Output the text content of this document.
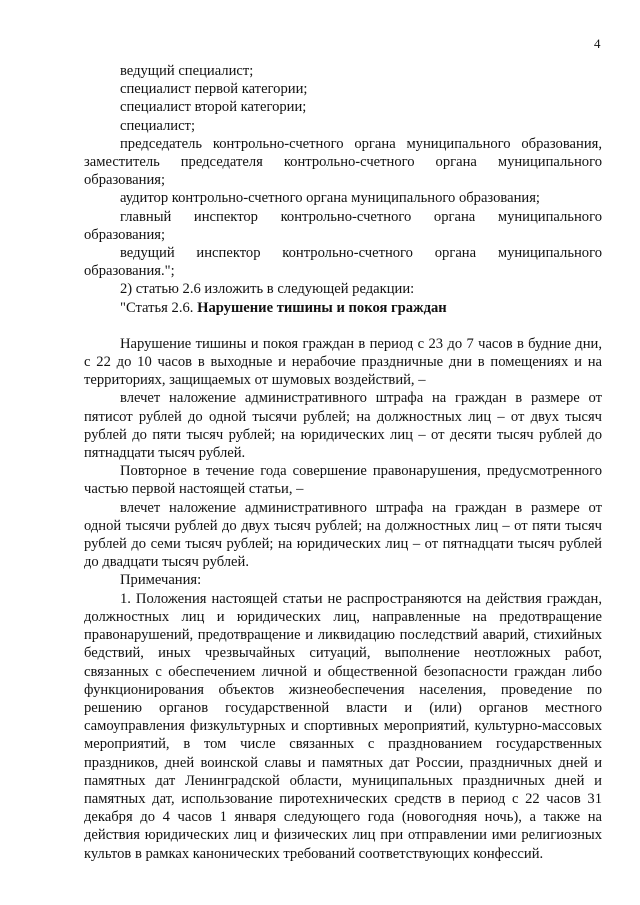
4

ведущий специалист;

специалист первой категории;

специалист второй категории;

специалист;

председатель контрольно-счетного органа муниципального образования, заместитель председателя контрольно-счетного органа муниципального образования;

аудитор контрольно-счетного органа муниципального образования;

главный инспектор контрольно-счетного органа муниципального образования;

ведущий инспектор контрольно-счетного органа муниципального образования.";

2) статью 2.6 изложить в следующей редакции:

"Статья 2.6. Нарушение тишины и покоя граждан

Нарушение тишины и покоя граждан в период с 23 до 7 часов в будние дни, с 22 до 10 часов в выходные и нерабочие праздничные дни в помещениях и на территориях, защищаемых от шумовых воздействий, –

влечет наложение административного штрафа на граждан в размере от пятисот рублей до одной тысячи рублей; на должностных лиц – от двух тысяч рублей до пяти тысяч рублей; на юридических лиц – от десяти тысяч рублей до пятнадцати тысяч рублей.

Повторное в течение года совершение правонарушения, предусмотренного частью первой настоящей статьи, –

влечет наложение административного штрафа на граждан в размере от одной тысячи рублей до двух тысяч рублей; на должностных лиц – от пяти тысяч рублей до семи тысяч рублей; на юридических лиц – от пятнадцати тысяч рублей до двадцати тысяч рублей.

Примечания:

1. Положения настоящей статьи не распространяются на действия граждан, должностных лиц и юридических лиц, направленные на предотвращение правонарушений, предотвращение и ликвидацию последствий аварий, стихийных бедствий, иных чрезвычайных ситуаций, выполнение неотложных работ, связанных с обеспечением личной и общественной безопасности граждан либо функционирования объектов жизнеобеспечения населения, проведение по решению органов государственной власти и (или) органов местного самоуправления физкультурных и спортивных мероприятий, культурно-массовых мероприятий, в том числе связанных с празднованием государственных праздников, дней воинской славы и памятных дат России, праздничных дней и памятных дат Ленинградской области, муниципальных праздничных дней и памятных дат, использование пиротехнических средств в период с 22 часов 31 декабря до 4 часов 1 января следующего года (новогодняя ночь), а также на действия юридических лиц и физических лиц при отправлении ими религиозных культов в рамках канонических требований соответствующих конфессий.
